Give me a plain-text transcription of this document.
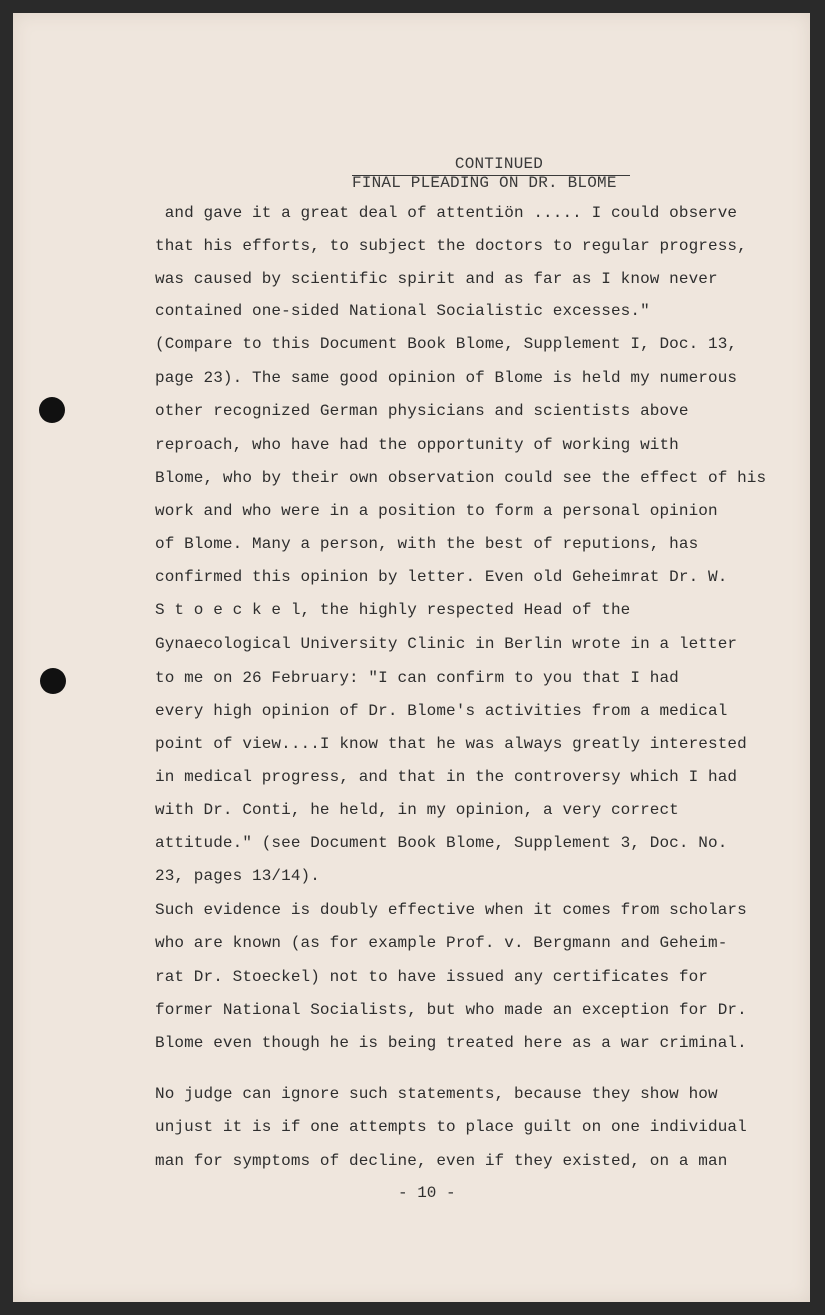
FINAL PLEADING ON DR. BLOME

CONTINUED

and gave it a great deal of attentiön ..... I could observe
that his efforts, to subject the doctors to regular progress,
was caused by scientific spirit and as far as I know never
contained one-sided National Socialistic excesses."
(Compare to this Document Book Blome, Supplement I, Doc. 13,
page 23). The same good opinion of Blome is held my numerous
other recognized German physicians and scientists above
reproach, who have had the opportunity of working with
Blome, who by their own observation could see the effect of his
work and who were in a position to form a personal opinion
of Blome. Many a person, with the best of reputions, has
confirmed this opinion by letter. Even old Geheimrat Dr. W.
S t o e c k e l, the highly respected Head of the
Gynaecological University Clinic in Berlin wrote in a letter
to me on 26 February: "I can confirm to you that I had
every high opinion of Dr. Blome's activities from a medical
point of view....I know that he was always greatly interested
in medical progress, and that in the controversy which I had
with Dr. Conti, he held, in my opinion, a very correct
attitude." (see Document Book Blome, Supplement 3, Doc. No.
23, pages 13/14).
Such evidence is doubly effective when it comes from scholars
who are known (as for example Prof. v. Bergmann and Geheim-
rat Dr. Stoeckel) not to have issued any certificates for
former National Socialists, but who made an exception for Dr.
Blome even though he is being treated here as a war criminal.
No judge can ignore such statements, because they show how
unjust it is if one attempts to place guilt on one individual
man for symptoms of decline, even if they existed, on a man
- 10 -
